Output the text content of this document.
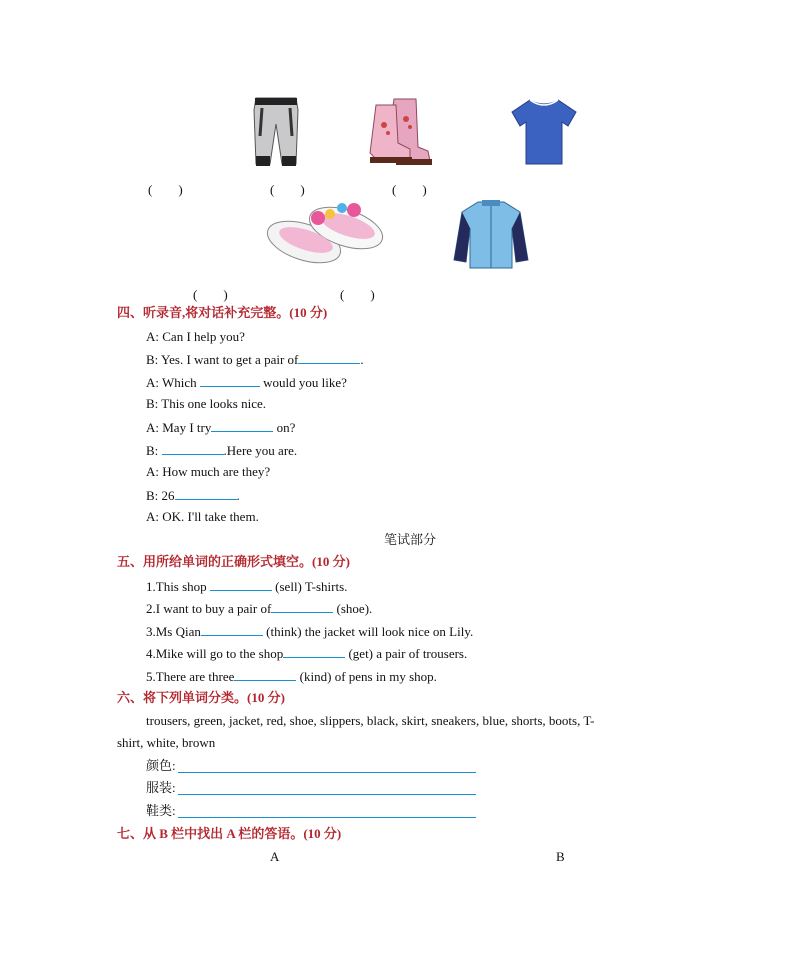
(　　)	(　　)	(　　)
(　　)	(　　)
四、听录音,将对话补充完整。(10 分)
A: Can I help you?
B: Yes. I want to get a pair of	.
A: Which	would you like?
B: This one looks nice.
A: May I try	on?
B:	.Here you are.
A: How much are they?
B: 26	.
A: OK. I'll take them.
笔试部分
五、用所给单词的正确形式填空。(10 分)
1.This shop	(sell) T-shirts.
2.I want to buy a pair of	(shoe).
3.Ms Qian	(think) the jacket will look nice on Lily.
4.Mike will go to the shop	(get) a pair of trousers.
5.There are three	(kind) of pens in my shop.
六、将下列单词分类。(10 分)
trousers, green, jacket, red, shoe, slippers, black, skirt, sneakers, blue, shorts, boots, T-
shirt, white, brown
颜色:
服装:
鞋类:
七、从 B 栏中找出 A 栏的答语。(10 分)
A	B
